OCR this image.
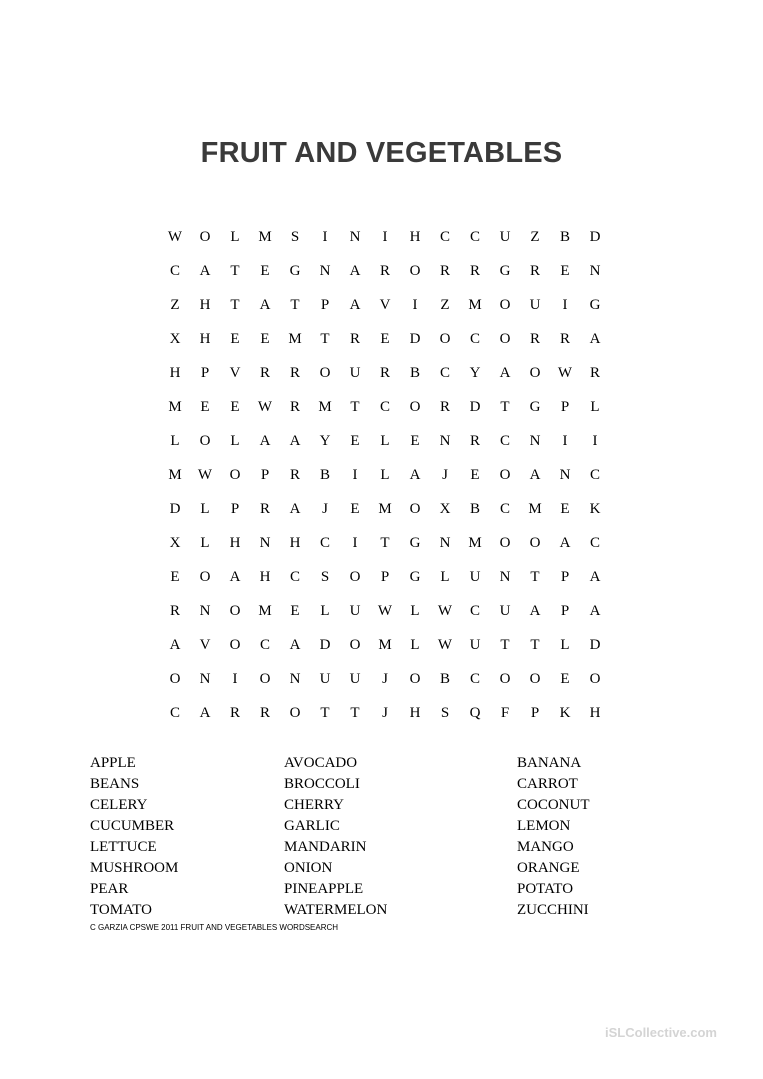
FRUIT AND VEGETABLES
W	O	L	M	S	I	N	I	H	C	C	U	Z	B	D
C	A	T	E	G	N	A	R	O	R	R	G	R	E	N
Z	H	T	A	T	P	A	V	I	Z	M	O	U	I	G
X	H	E	E	M	T	R	E	D	O	C	O	R	R	A
H	P	V	R	R	O	U	R	B	C	Y	A	O	W	R
M	E	E	W	R	M	T	C	O	R	D	T	G	P	L
L	O	L	A	A	Y	E	L	E	N	R	C	N	I	I
M	W	O	P	R	B	I	L	A	J	E	O	A	N	C
D	L	P	R	A	J	E	M	O	X	B	C	M	E	K
X	L	H	N	H	C	I	T	G	N	M	O	O	A	C
E	O	A	H	C	S	O	P	G	L	U	N	T	P	A
R	N	O	M	E	L	U	W	L	W	C	U	A	P	A
A	V	O	C	A	D	O	M	L	W	U	T	T	L	D
O	N	I	O	N	U	U	J	O	B	C	O	O	E	O
C	A	R	R	O	T	T	J	H	S	Q	F	P	K	H
APPLE
BEANS
CELERY
CUCUMBER
LETTUCE
MUSHROOM
PEAR
TOMATO
AVOCADO
BROCCOLI
CHERRY
GARLIC
MANDARIN
ONION
PINEAPPLE
WATERMELON
BANANA
CARROT
COCONUT
LEMON
MANGO
ORANGE
POTATO
ZUCCHINI
C GARZIA CPSWE 2011 FRUIT AND VEGETABLES WORDSEARCH
iSLCollective.com
